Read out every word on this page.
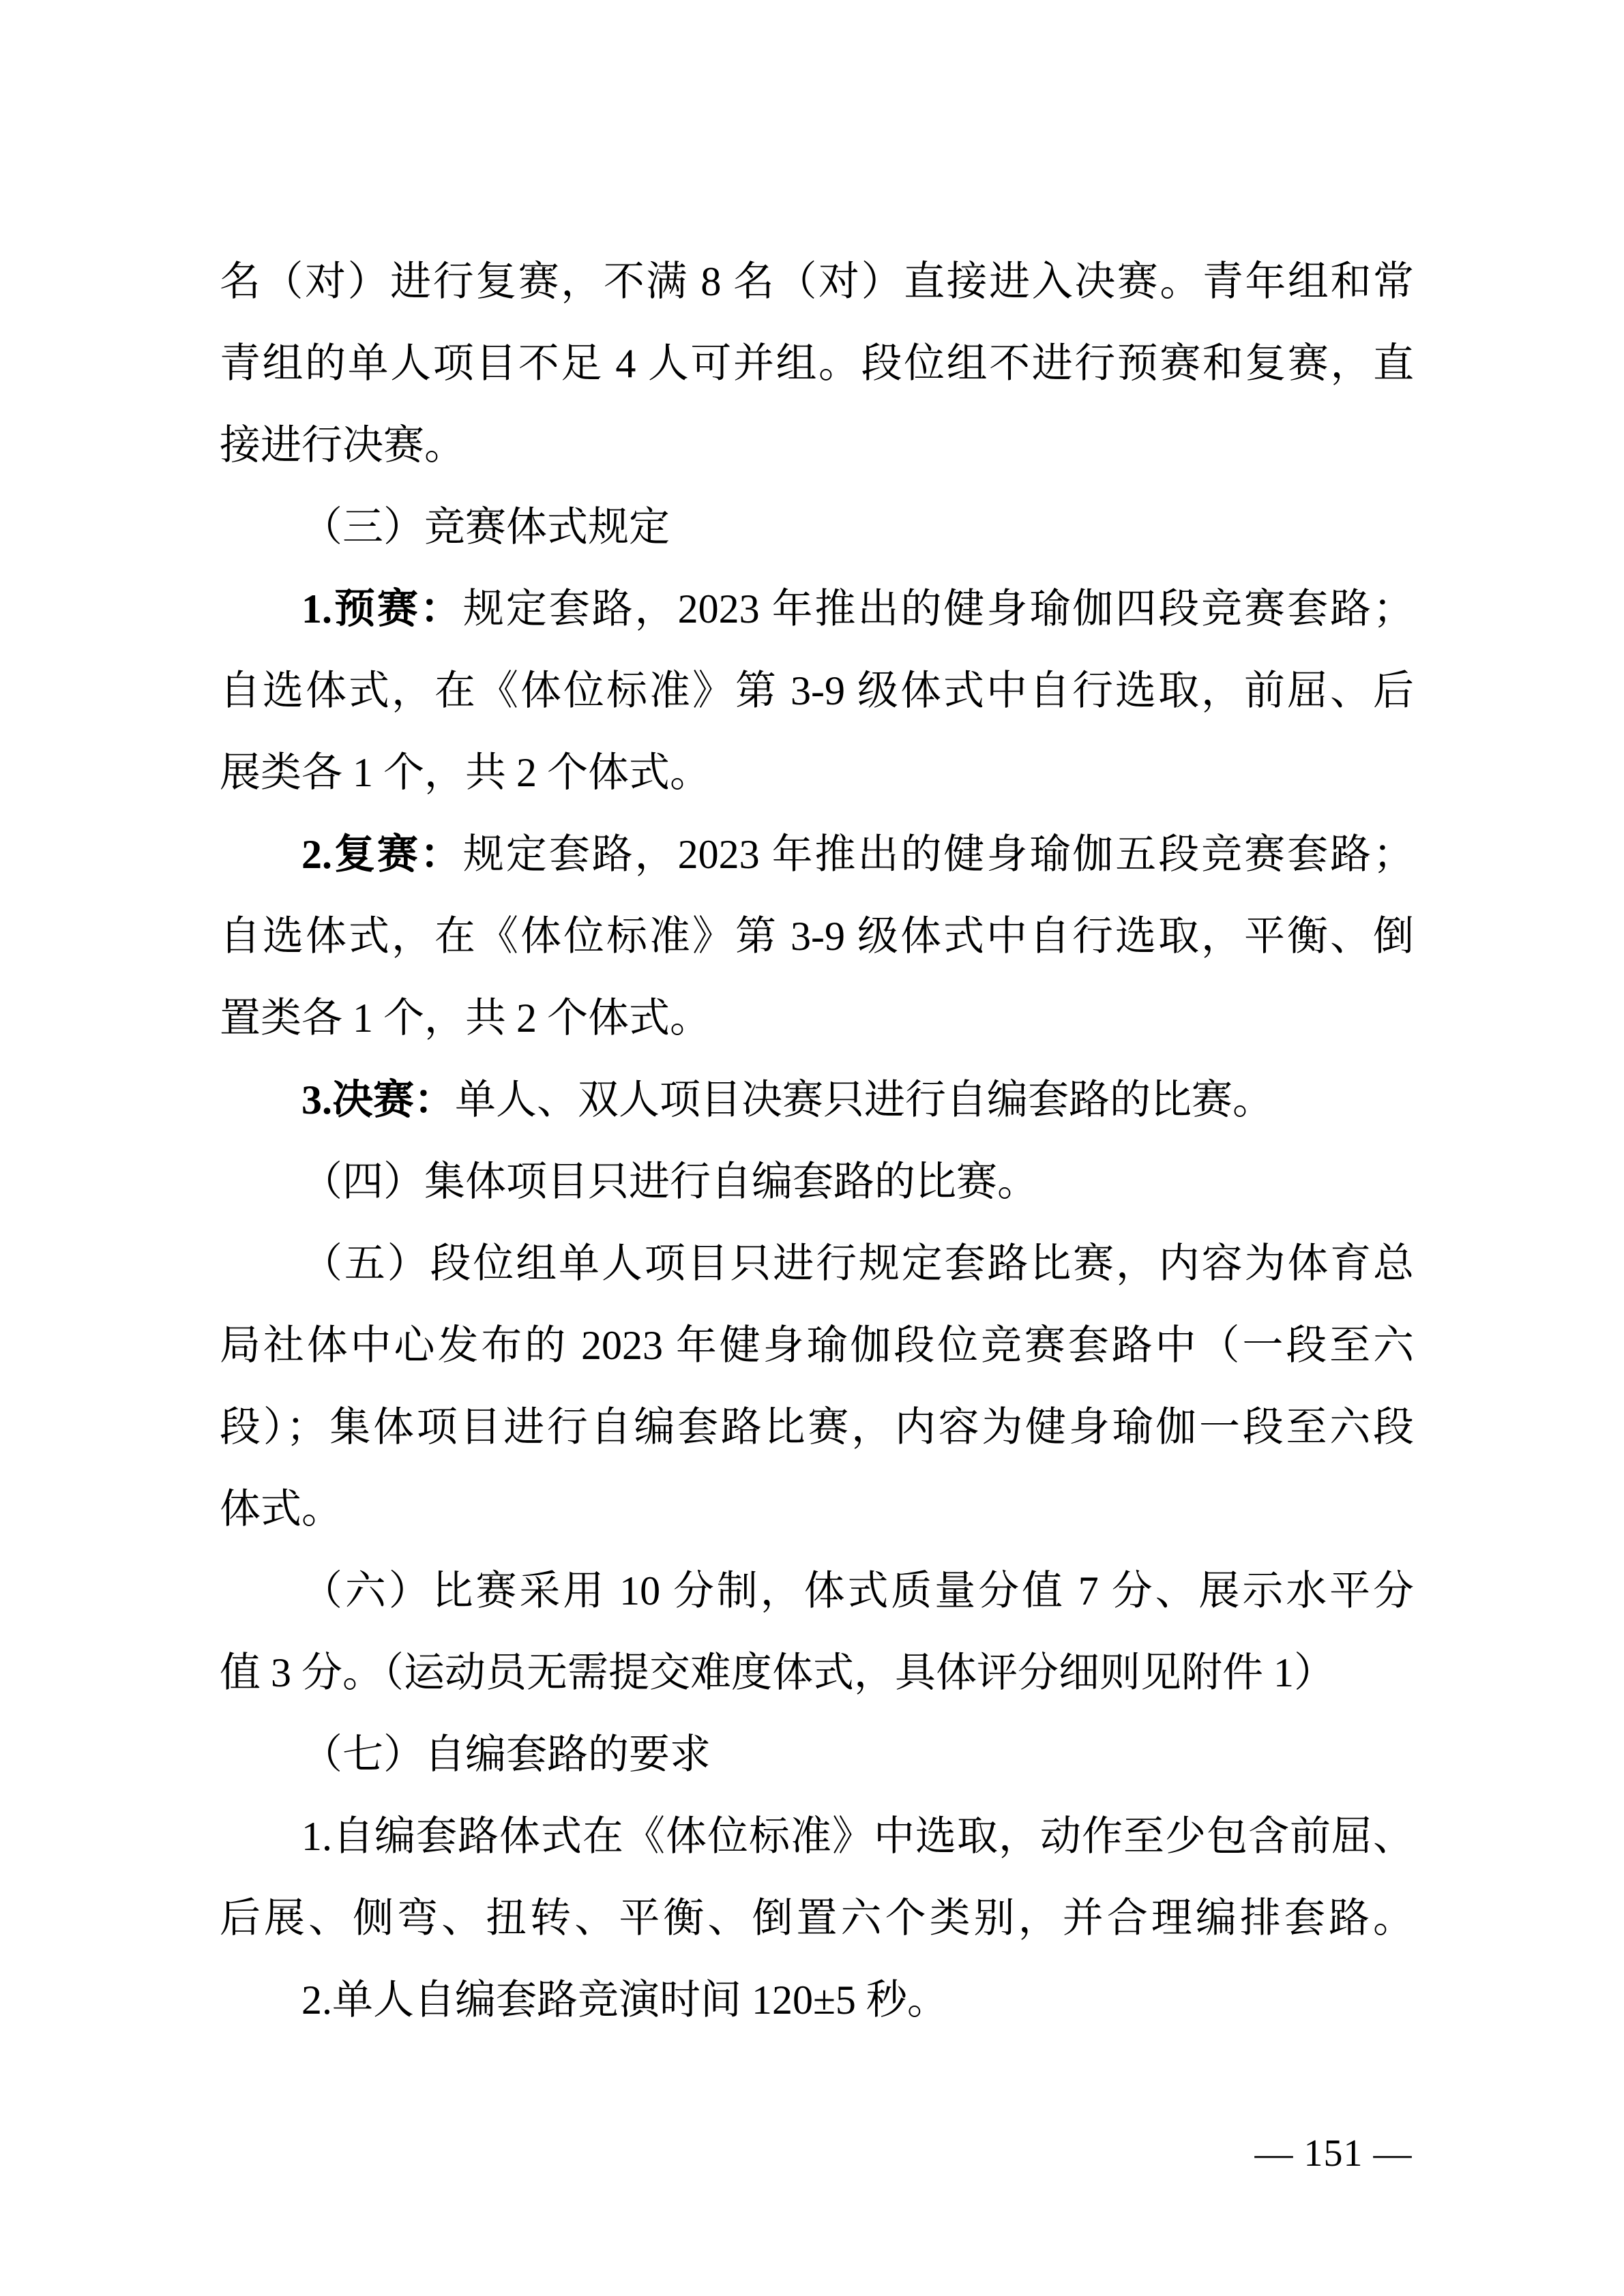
名（对）进行复赛，不满 8 名（对）直接进入决赛。青年组和常
青组的单人项目不足 4 人可并组。段位组不进行预赛和复赛，直
接进行决赛。
（三）竞赛体式规定
1.预赛：规定套路，2023 年推出的健身瑜伽四段竞赛套路；
自选体式，在《体位标准》第 3-9 级体式中自行选取，前屈、后
展类各 1 个，共 2 个体式。
2.复赛：规定套路，2023 年推出的健身瑜伽五段竞赛套路；
自选体式，在《体位标准》第 3-9 级体式中自行选取，平衡、倒
置类各 1 个，共 2 个体式。
3.决赛：单人、双人项目决赛只进行自编套路的比赛。
（四）集体项目只进行自编套路的比赛。
（五）段位组单人项目只进行规定套路比赛，内容为体育总
局社体中心发布的 2023 年健身瑜伽段位竞赛套路中（一段至六
段）；集体项目进行自编套路比赛，内容为健身瑜伽一段至六段
体式。
（六）比赛采用 10 分制，体式质量分值 7 分、展示水平分
值 3 分。（运动员无需提交难度体式，具体评分细则见附件 1）
（七）自编套路的要求
1.自编套路体式在《体位标准》中选取，动作至少包含前屈、
后展、侧弯、扭转、平衡、倒置六个类别，并合理编排套路。
2.单人自编套路竞演时间 120±5 秒。
— 151 —
